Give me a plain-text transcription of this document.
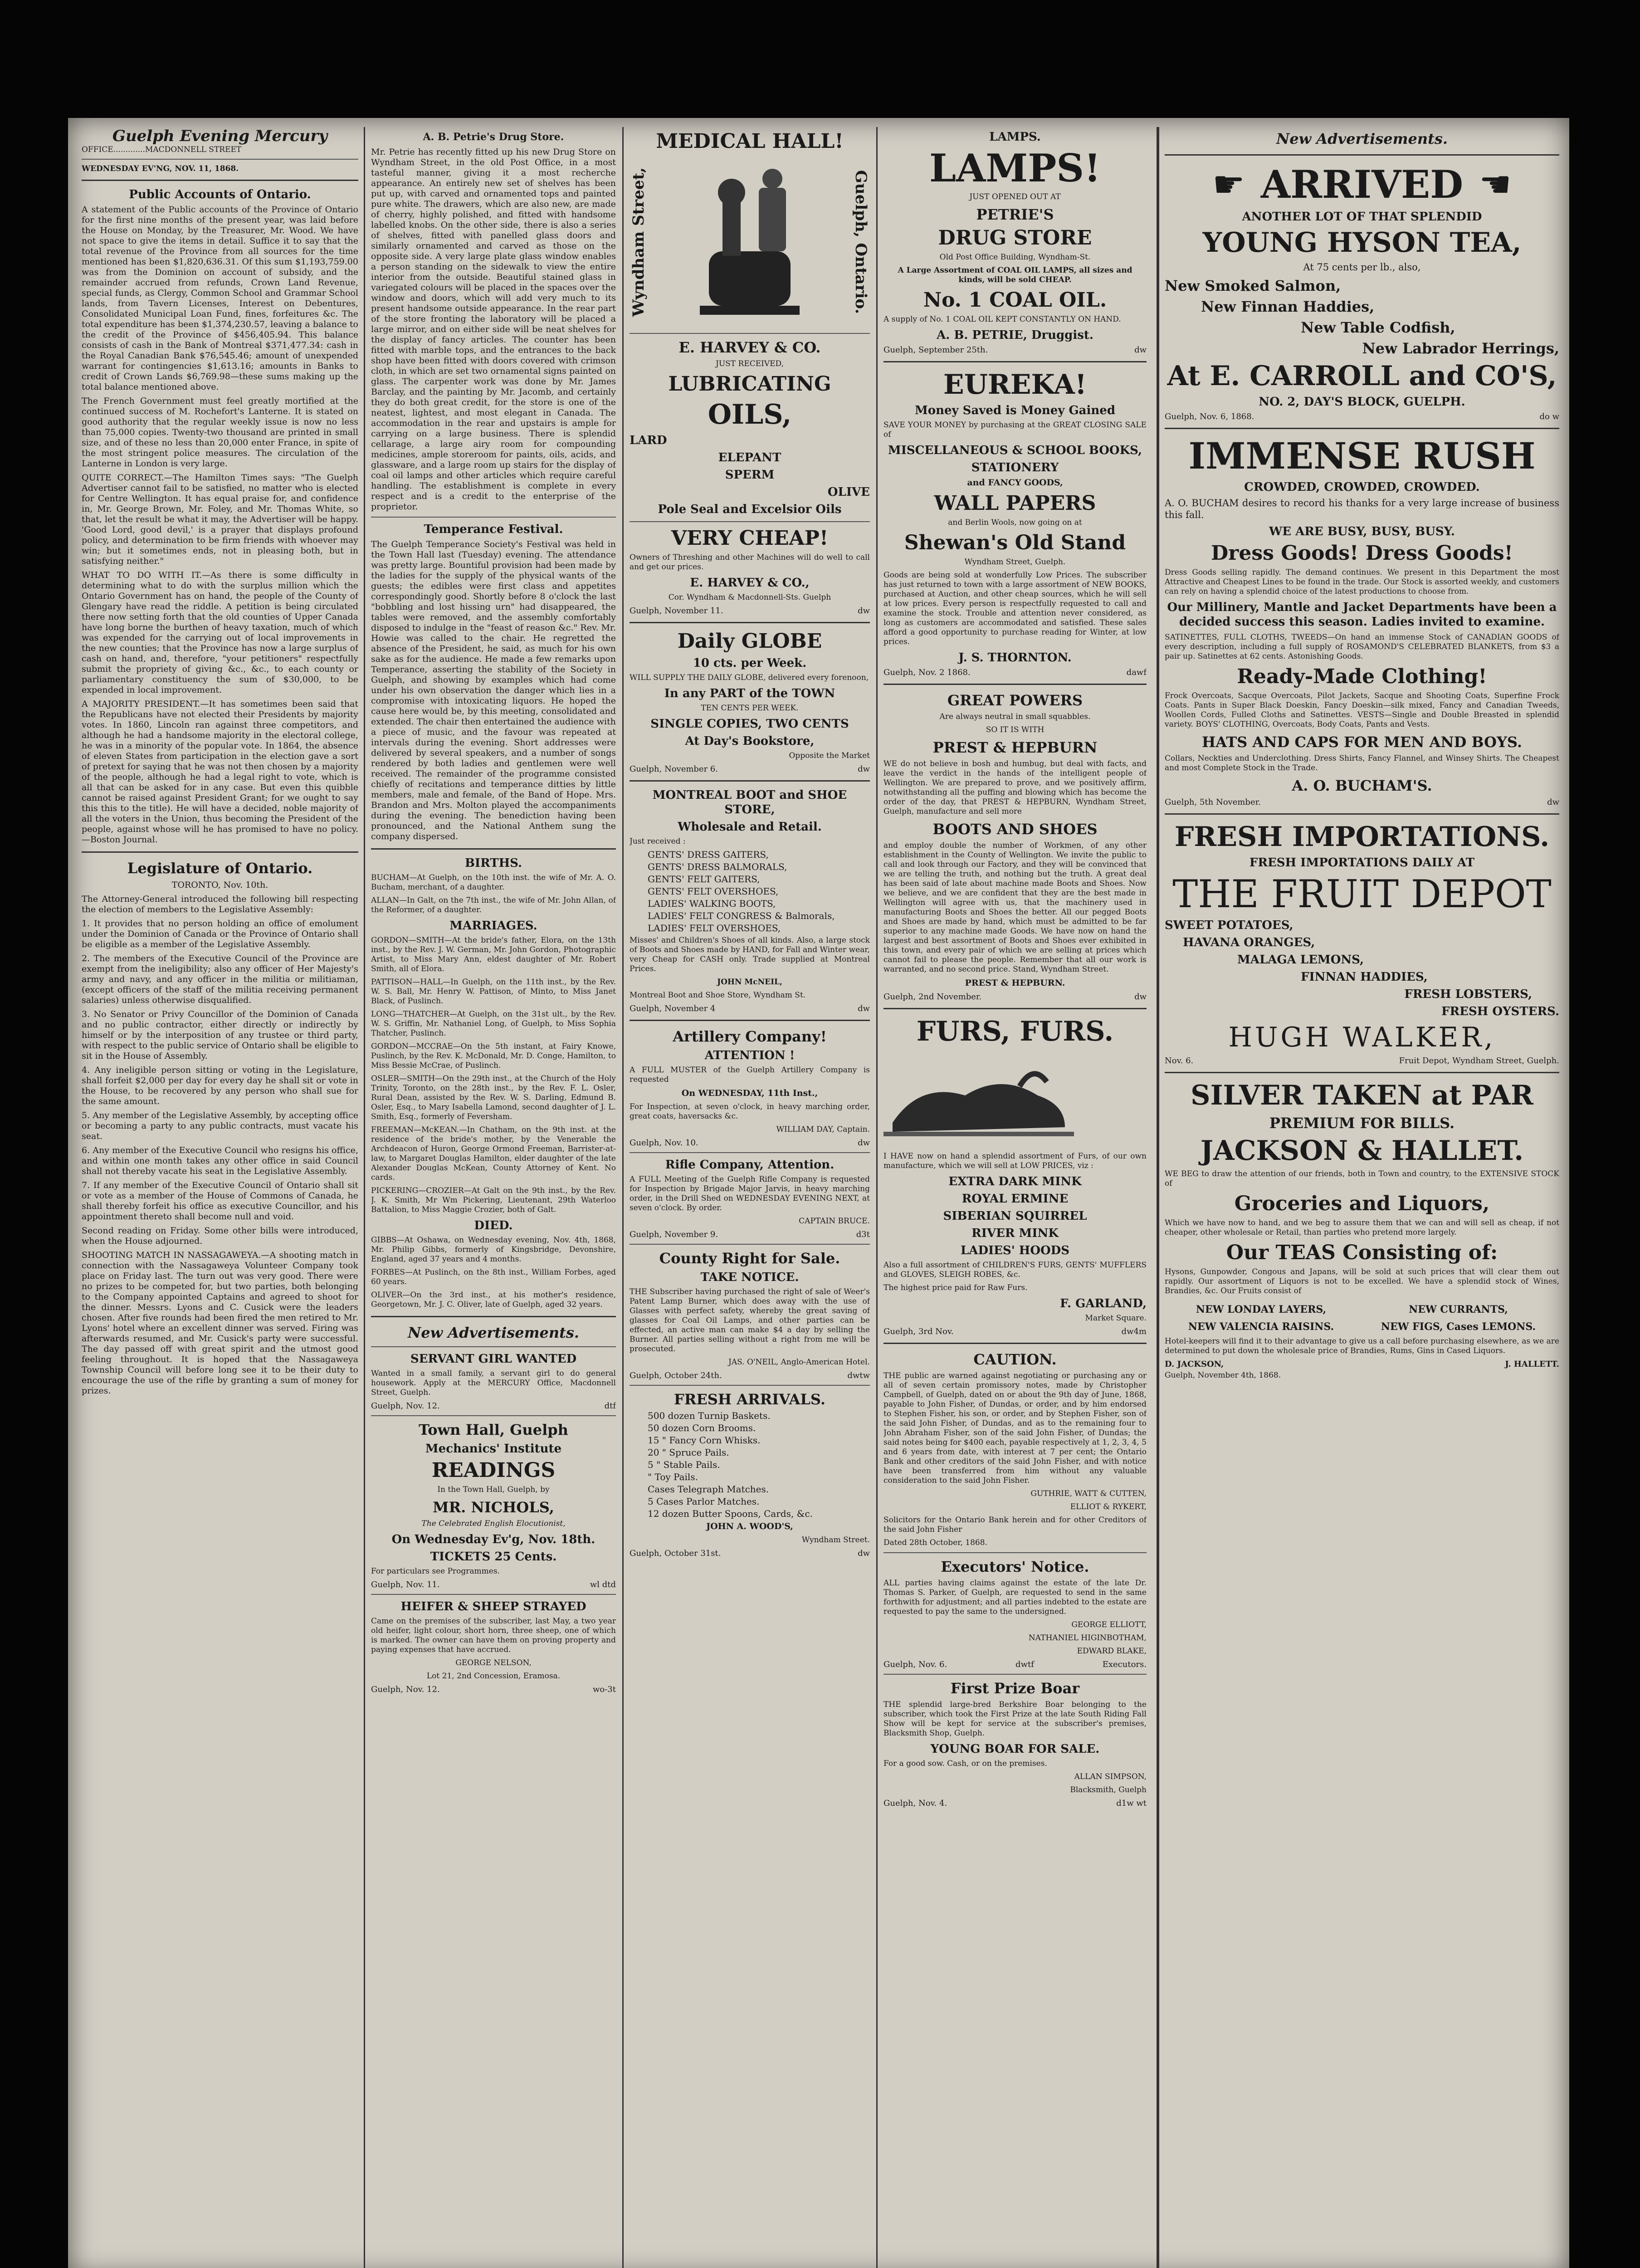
Guelph Evening Mercury
OFFICE.............MACDONNELL STREET
WEDNESDAY EV'NG, NOV. 11, 1868.
Public Accounts of Ontario.

A statement of the Public accounts of the Province of Ontario for the first nine months of the present year, was laid before the House on Monday, by the Treasurer, Mr. Wood. We have not space to give the items in detail. Suffice it to say that the total revenue of the Province from all sources for the time mentioned has been $1,820,636.31. Of this sum $1,193,759.00 was from the Dominion on account of subsidy, and the remainder accrued from refunds, Crown Land Revenue, special funds, as Clergy, Common School and Grammar School lands, from Tavern Licenses, Interest on Debentures, Consolidated Municipal Loan Fund, fines, forfeitures &c. The total expenditure has been $1,374,230.57, leaving a balance to the credit of the Province of $456,405.94. This balance consists of cash in the Bank of Montreal $371,477.34: cash in the Royal Canadian Bank $76,545.46; amount of unexpended warrant for contingencies $1,613.16; amounts in Banks to credit of Crown Lands $6,769.98—these sums making up the total balance mentioned above.

The French Government must feel greatly mortified at the continued success of M. Rochefort's Lanterne. It is stated on good authority that the regular weekly issue is now no less than 75,000 copies. Twenty-two thousand are printed in small size, and of these no less than 20,000 enter France, in spite of the most stringent police measures. The circulation of the Lanterne in London is very large.

QUITE CORRECT.—The Hamilton Times says: "The Guelph Advertiser cannot fail to be satisfied, no matter who is elected for Centre Wellington. It has equal praise for, and confidence in, Mr. George Brown, Mr. Foley, and Mr. Thomas White, so that, let the result be what it may, the Advertiser will be happy. 'Good Lord, good devil,' is a prayer that displays profound policy, and determination to be firm friends with whoever may win; but it sometimes ends, not in pleasing both, but in satisfying neither."

WHAT TO DO WITH IT.—As there is some difficulty in determining what to do with the surplus million which the Ontario Government has on hand, the people of the County of Glengary have read the riddle. A petition is being circulated there now setting forth that the old counties of Upper Canada have long borne the burthen of heavy taxation, much of which was expended for the carrying out of local improvements in the new counties; that the Province has now a large surplus of cash on hand, and, therefore, "your petitioners" respectfully submit the propriety of giving &c., &c., to each county or parliamentary constituency the sum of $30,000, to be expended in local improvement.

A MAJORITY PRESIDENT.—It has sometimes been said that the Republicans have not elected their Presidents by majority votes. In 1860, Lincoln ran against three competitors, and although he had a handsome majority in the electoral college, he was in a minority of the popular vote. In 1864, the absence of eleven States from participation in the election gave a sort of pretext for saying that he was not then chosen by a majority of the people, although he had a legal right to vote, which is all that can be asked for in any case. But even this quibble cannot be raised against President Grant; for we ought to say this this to the title). He will have a decided, noble majority of all the voters in the Union, thus becoming the President of the people, against whose will he has promised to have no policy.—Boston Journal.

Legislature of Ontario.

TORONTO, Nov. 10th.

The Attorney-General introduced the following bill respecting the election of members to the Legislative Assembly:

1. It provides that no person holding an office of emolument under the Dominion of Canada or the Province of Ontario shall be eligible as a member of the Legislative Assembly.

2. The members of the Executive Council of the Province are exempt from the ineligibility; also any officer of Her Majesty's army and navy, and any officer in the militia or militiaman, (except officers of the staff of the militia receiving permanent salaries) unless otherwise disqualified.

3. No Senator or Privy Councillor of the Dominion of Canada and no public contractor, either directly or indirectly by himself or by the interposition of any trustee or third party, with respect to the public service of Ontario shall be eligible to sit in the House of Assembly.

4. Any ineligible person sitting or voting in the Legislature, shall forfeit $2,000 per day for every day he shall sit or vote in the House, to be recovered by any person who shall sue for the same amount.

5. Any member of the Legislative Assembly, by accepting office or becoming a party to any public contracts, must vacate his seat.

6. Any member of the Executive Council who resigns his office, and within one month takes any other office in said Council shall not thereby vacate his seat in the Legislative Assembly.

7. If any member of the Executive Council of Ontario shall sit or vote as a member of the House of Commons of Canada, he shall thereby forfeit his office as executive Councillor, and his appointment thereto shall become null and void.

Second reading on Friday. Some other bills were introduced, when the House adjourned.

SHOOTING MATCH IN NASSAGAWEYA.—A shooting match in connection with the Nassagaweya Volunteer Company took place on Friday last. The turn out was very good. There were no prizes to be competed for, but two parties, both belonging to the Company appointed Captains and agreed to shoot for the dinner. Messrs. Lyons and C. Cusick were the leaders chosen. After five rounds had been fired the men retired to Mr. Lyons' hotel where an excellent dinner was served. Firing was afterwards resumed, and Mr. Cusick's party were successful. The day passed off with great spirit and the utmost good feeling throughout. It is hoped that the Nassagaweya Township Council will before long see it to be their duty to encourage the use of the rifle by granting a sum of money for prizes.

A. B. Petrie's Drug Store.

Mr. Petrie has recently fitted up his new Drug Store on Wyndham Street, in the old Post Office, in a most tasteful manner, giving it a most recherche appearance. An entirely new set of shelves has been put up, with carved and ornamented tops and painted pure white. The drawers, which are also new, are made of cherry, highly polished, and fitted with handsome labelled knobs. On the other side, there is also a series of shelves, fitted with panelled glass doors and similarly ornamented and carved as those on the opposite side. A very large plate glass window enables a person standing on the sidewalk to view the entire interior from the outside. Beautiful stained glass in variegated colours will be placed in the spaces over the window and doors, which will add very much to its present handsome outside appearance. In the rear part of the store fronting the laboratory will be placed a large mirror, and on either side will be neat shelves for the display of fancy articles. The counter has been fitted with marble tops, and the entrances to the back shop have been fitted with doors covered with crimson cloth, in which are set two ornamental signs painted on glass. The carpenter work was done by Mr. James Barclay, and the painting by Mr. Jacomb, and certainly they do both great credit, for the store is one of the neatest, lightest, and most elegant in Canada. The accommodation in the rear and upstairs is ample for carrying on a large business. There is splendid cellarage, a large airy room for compounding medicines, ample storeroom for paints, oils, acids, and glassware, and a large room up stairs for the display of coal oil lamps and other articles which require careful handling. The establishment is complete in every respect and is a credit to the enterprise of the proprietor.

Temperance Festival.

The Guelph Temperance Society's Festival was held in the Town Hall last (Tuesday) evening. The attendance was pretty large. Bountiful provision had been made by the ladies for the supply of the physical wants of the guests; the edibles were first class and appetites correspondingly good. Shortly before 8 o'clock the last "bobbling and lost hissing urn" had disappeared, the tables were removed, and the assembly comfortably disposed to indulge in the "feast of reason &c." Rev. Mr. Howie was called to the chair. He regretted the absence of the President, he said, as much for his own sake as for the audience. He made a few remarks upon Temperance, asserting the stability of the Society in Guelph, and showing by examples which had come under his own observation the danger which lies in a compromise with intoxicating liquors. He hoped the cause here would be, by this meeting, consolidated and extended. The chair then entertained the audience with a piece of music, and the favour was repeated at intervals during the evening. Short addresses were delivered by several speakers, and a number of songs rendered by both ladies and gentlemen were well received. The remainder of the programme consisted chiefly of recitations and temperance ditties by little members, male and female, of the Band of Hope. Mrs. Brandon and Mrs. Molton played the accompaniments during the evening. The benediction having been pronounced, and the National Anthem sung the company dispersed.

BIRTHS.

BUCHAM—At Guelph, on the 10th inst. the wife of Mr. A. O. Bucham, merchant, of a daughter.

ALLAN—In Galt, on the 7th inst., the wife of Mr. John Allan, of the Reformer, of a daughter.

MARRIAGES.

GORDON—SMITH—At the bride's father, Elora, on the 13th inst., by the Rev. J. W. German, Mr. John Gordon, Photographic Artist, to Miss Mary Ann, eldest daughter of Mr. Robert Smith, all of Elora.

PATTISON—HALL—In Guelph, on the 11th inst., by the Rev. W. S. Ball, Mr. Henry W. Pattison, of Minto, to Miss Janet Black, of Puslinch.

LONG—THATCHER—At Guelph, on the 31st ult., by the Rev. W. S. Griffin, Mr. Nathaniel Long, of Guelph, to Miss Sophia Thatcher, Puslinch.

GORDON—MCCRAE—On the 5th instant, at Fairy Knowe, Puslinch, by the Rev. K. McDonald, Mr. D. Conge, Hamilton, to Miss Bessie McCrae, of Puslinch.

OSLER—SMITH—On the 29th inst., at the Church of the Holy Trinity, Toronto, on the 28th inst., by the Rev. F. L. Osler, Rural Dean, assisted by the Rev. W. S. Darling, Edmund B. Osler, Esq., to Mary Isabella Lamond, second daughter of J. L. Smith, Esq., formerly of Feversham.

FREEMAN—McKEAN.—In Chatham, on the 9th inst. at the residence of the bride's mother, by the Venerable the Archdeacon of Huron, George Ormond Freeman, Barrister-at-law, to Margaret Douglas Hamilton, elder daughter of the late Alexander Douglas McKean, County Attorney of Kent. No cards.

PICKERING—CROZIER—At Galt on the 9th inst., by the Rev. J. K. Smith, Mr Wm Pickering, Lieutenant, 29th Waterloo Battalion, to Miss Maggie Crozier, both of Galt.

DIED.

GIBBS—At Oshawa, on Wednesday evening, Nov. 4th, 1868, Mr. Philip Gibbs, formerly of Kingsbridge, Devonshire, England, aged 37 years and 4 months.

FORBES—At Puslinch, on the 8th inst., William Forbes, aged 60 years.

OLIVER—On the 3rd inst., at his mother's residence, Georgetown, Mr. J. C. Oliver, late of Guelph, aged 32 years.

New Advertisements.
SERVANT GIRL WANTED

Wanted in a small family, a servant girl to do general housework. Apply at the MERCURY Office, Macdonnell Street, Guelph.

Guelph, Nov. 12.	dtf
Town Hall, Guelph
Mechanics' Institute
READINGS

In the Town Hall, Guelph, by

MR. NICHOLS,

The Celebrated English Elocutionist,

On Wednesday Ev'g, Nov. 18th.
TICKETS 25 Cents.

For particulars see Programmes.

Guelph, Nov. 11.	wl dtd
HEIFER & SHEEP STRAYED

Came on the premises of the subscriber, last May, a two year old heifer, light colour, short horn, three sheep, one of which is marked. The owner can have them on proving property and paying expenses that have accrued.

GEORGE NELSON,

Lot 21, 2nd Concession, Eramosa.

Guelph, Nov. 12.	wo-3t
MEDICAL HALL!
Wyndham Street,	Guelph, Ontario.
E. HARVEY & CO.

JUST RECEIVED,

LUBRICATING
OILS,
LARD
ELEPANT
SPERM
OLIVE
Pole Seal and Excelsior Oils
VERY CHEAP!

Owners of Threshing and other Machines will do well to call and get our prices.

E. HARVEY & CO.,

Cor. Wyndham & Macdonnell-Sts. Guelph

Guelph, November 11.	dw
Daily GLOBE
10 cts. per Week.

WILL SUPPLY THE DAILY GLOBE, delivered every forenoon,

In any PART of the TOWN

TEN CENTS PER WEEK.

SINGLE COPIES, TWO CENTS
At Day's Bookstore,

Opposite the Market

Guelph, November 6.	dw
MONTREAL BOOT and SHOE STORE,
Wholesale and Retail.

Just received :

GENTS' DRESS GAITERS,

GENTS' DRESS BALMORALS,

GENTS' FELT GAITERS,

GENTS' FELT OVERSHOES,

LADIES' WALKING BOOTS,

LADIES' FELT CONGRESS & Balmorals,

LADIES' FELT OVERSHOES,

Misses' and Children's Shoes of all kinds. Also, a large stock of Boots and Shoes made by HAND, for Fall and Winter wear, very Cheap for CASH only. Trade supplied at Montreal Prices.

JOHN McNEIL,

Montreal Boot and Shoe Store, Wyndham St.

Guelph, November 4	dw
Artillery Company!
ATTENTION !

A FULL MUSTER of the Guelph Artillery Company is requested

On WEDNESDAY, 11th Inst.,

For Inspection, at seven o'clock, in heavy marching order, great coats, haversacks &c.

WILLIAM DAY, Captain.

Guelph, Nov. 10.	dw
Rifle Company, Attention.

A FULL Meeting of the Guelph Rifle Company is requested for Inspection by Brigade Major Jarvis, in heavy marching order, in the Drill Shed on WEDNESDAY EVENING NEXT, at seven o'clock. By order.

CAPTAIN BRUCE.

Guelph, November 9.	d3t
County Right for Sale.
TAKE NOTICE.

THE Subscriber having purchased the right of sale of Weer's Patent Lamp Burner, which does away with the use of Glasses with perfect safety, whereby the great saving of glasses for Coal Oil Lamps, and other parties can be effected, an active man can make $4 a day by selling the Burner. All parties selling without a right from me will be prosecuted.

JAS. O'NEIL, Anglo-American Hotel.

Guelph, October 24th.	dwtw
FRESH ARRIVALS.

500 dozen Turnip Baskets.

50 dozen Corn Brooms.

15 " Fancy Corn Whisks.

20 " Spruce Pails.

5 " Stable Pails.

" Toy Pails.

Cases Telegraph Matches.

5 Cases Parlor Matches.

12 dozen Butter Spoons, Cards, &c.

JOHN A. WOOD'S,

Wyndham Street.

Guelph, October 31st.	dw
LAMPS.
LAMPS!

JUST OPENED OUT AT

PETRIE'S
DRUG STORE

Old Post Office Building, Wyndham-St.

A Large Assortment of COAL OIL LAMPS, all sizes and kinds, will be sold CHEAP.

No. 1 COAL OIL.

A supply of No. 1 COAL OIL KEPT CONSTANTLY ON HAND.

A. B. PETRIE, Druggist.
Guelph, September 25th.	dw
EUREKA!
Money Saved is Money Gained

SAVE YOUR MONEY by purchasing at the GREAT CLOSING SALE of

MISCELLANEOUS & SCHOOL BOOKS,
STATIONERY

and FANCY GOODS,

WALL PAPERS

and Berlin Wools, now going on at

Shewan's Old Stand

Wyndham Street, Guelph.

Goods are being sold at wonderfully Low Prices. The subscriber has just returned to town with a large assortment of NEW BOOKS, purchased at Auction, and other cheap sources, which he will sell at low prices. Every person is respectfully requested to call and examine the stock. Trouble and attention never considered, as long as customers are accommodated and satisfied. These sales afford a good opportunity to purchase reading for Winter, at low prices.

J. S. THORNTON.
Guelph, Nov. 2 1868.	dawf
GREAT POWERS

Are always neutral in small squabbles.

SO IT IS WITH

PREST & HEPBURN

WE do not believe in bosh and humbug, but deal with facts, and leave the verdict in the hands of the intelligent people of Wellington. We are prepared to prove, and we positively affirm, notwithstanding all the puffing and blowing which has become the order of the day, that PREST & HEPBURN, Wyndham Street, Guelph, manufacture and sell more

BOOTS AND SHOES

and employ double the number of Workmen, of any other establishment in the County of Wellington. We invite the public to call and look through our Factory, and they will be convinced that we are telling the truth, and nothing but the truth. A great deal has been said of late about machine made Boots and Shoes. Now we believe, and we are confident that they are the best made in Wellington will agree with us, that the machinery used in manufacturing Boots and Shoes the better. All our pegged Boots and Shoes are made by hand, which must be admitted to be far superior to any machine made Goods. We have now on hand the largest and best assortment of Boots and Shoes ever exhibited in this town, and every pair of which we are selling at prices which cannot fail to please the people. Remember that all our work is warranted, and no second price. Stand, Wyndham Street.

PREST & HEPBURN.

Guelph, 2nd November.	dw
FURS, FURS.

I HAVE now on hand a splendid assortment of Furs, of our own manufacture, which we will sell at LOW PRICES, viz :

EXTRA DARK MINK
ROYAL ERMINE
SIBERIAN SQUIRREL
RIVER MINK
LADIES' HOODS

Also a full assortment of CHILDREN'S FURS, GENTS' MUFFLERS and GLOVES, SLEIGH ROBES, &c.

The highest price paid for Raw Furs.

F. GARLAND,

Market Square.

Guelph, 3rd Nov.	dw4m
CAUTION.

THE public are warned against negotiating or purchasing any or all of seven certain promissory notes, made by Christopher Campbell, of Guelph, dated on or about the 9th day of June, 1868, payable to John Fisher, of Dundas, or order, and by him endorsed to Stephen Fisher, his son, or order, and by Stephen Fisher, son of the said John Fisher, of Dundas, and as to the remaining four to John Abraham Fisher, son of the said John Fisher, of Dundas; the said notes being for $400 each, payable respectively at 1, 2, 3, 4, 5 and 6 years from date, with interest at 7 per cent; the Ontario Bank and other creditors of the said John Fisher, and with notice have been transferred from him without any valuable consideration to the said John Fisher.

GUTHRIE, WATT & CUTTEN,

ELLIOT & RYKERT,

Solicitors for the Ontario Bank herein and for other Creditors of the said John Fisher

Dated 28th October, 1868.

Executors' Notice.

ALL parties having claims against the estate of the late Dr. Thomas S. Parker, of Guelph, are requested to send in the same forthwith for adjustment; and all parties indebted to the estate are requested to pay the same to the undersigned.

GEORGE ELLIOTT,

NATHANIEL HIGINBOTHAM,

EDWARD BLAKE,

Guelph, Nov. 6.	dwtf	Executors.
First Prize Boar

THE splendid large-bred Berkshire Boar belonging to the subscriber, which took the First Prize at the late South Riding Fall Show will be kept for service at the subscriber's premises, Blacksmith Shop, Guelph.

YOUNG BOAR FOR SALE.

For a good sow. Cash, or on the premises.

ALLAN SIMPSON,

Blacksmith, Guelph

Guelph, Nov. 4.	d1w wt
New Advertisements.
☛ ARRIVED ☚
ANOTHER LOT OF THAT SPLENDID
YOUNG HYSON TEA,

At 75 cents per lb., also,

New Smoked Salmon,
New Finnan Haddies,
New Table Codfish,
New Labrador Herrings,
At E. CARROLL and CO'S,
NO. 2, DAY'S BLOCK, GUELPH.
Guelph, Nov. 6, 1868.	do w
IMMENSE RUSH
CROWDED, CROWDED, CROWDED.

A. O. BUCHAM desires to record his thanks for a very large increase of business this fall.

WE ARE BUSY, BUSY, BUSY.
Dress Goods! Dress Goods!

Dress Goods selling rapidly. The demand continues. We present in this Department the most Attractive and Cheapest Lines to be found in the trade. Our Stock is assorted weekly, and customers can rely on having a splendid choice of the latest productions to choose from.

Our Millinery, Mantle and Jacket Departments have been a decided success this season. Ladies invited to examine.

SATINETTES, FULL CLOTHS, TWEEDS—On hand an immense Stock of CANADIAN GOODS of every description, including a full supply of ROSAMOND'S CELEBRATED BLANKETS, from $3 a pair up. Satinettes at 62 cents. Astonishing Goods.

Ready-Made Clothing!

Frock Overcoats, Sacque Overcoats, Pilot Jackets, Sacque and Shooting Coats, Superfine Frock Coats. Pants in Super Black Doeskin, Fancy Doeskin—silk mixed, Fancy and Canadian Tweeds, Woollen Cords, Fulled Cloths and Satinettes. VESTS—Single and Double Breasted in splendid variety. BOYS' CLOTHING, Overcoats, Body Coats, Pants and Vests.

HATS AND CAPS FOR MEN AND BOYS.

Collars, Neckties and Underclothing. Dress Shirts, Fancy Flannel, and Winsey Shirts. The Cheapest and most Complete Stock in the Trade.

A. O. BUCHAM'S.
Guelph, 5th November.	dw
FRESH IMPORTATIONS.
FRESH IMPORTATIONS DAILY AT
THE FRUIT DEPOT
SWEET POTATOES,
HAVANA ORANGES,
MALAGA LEMONS,
FINNAN HADDIES,
FRESH LOBSTERS,
FRESH OYSTERS.
HUGH WALKER,
Nov. 6.	Fruit Depot, Wyndham Street, Guelph.
SILVER TAKEN at PAR
PREMIUM FOR BILLS.
JACKSON & HALLET.

WE BEG to draw the attention of our friends, both in Town and country, to the EXTENSIVE STOCK of

Groceries and Liquors,

Which we have now to hand, and we beg to assure them that we can and will sell as cheap, if not cheaper, other wholesale or Retail, than parties who pretend more largely.

Our TEAS Consisting of:

Hysons, Gunpowder, Congous and Japans, will be sold at such prices that will clear them out rapidly. Our assortment of Liquors is not to be excelled. We have a splendid stock of Wines, Brandies, &c. Our Fruits consist of

NEW LONDAY LAYERS,
NEW VALENCIA RAISINS.
NEW CURRANTS,
NEW FIGS, Cases LEMONS.

Hotel-keepers will find it to their advantage to give us a call before purchasing elsewhere, as we are determined to put down the wholesale price of Brandies, Rums, Gins in Cased Liquors.

D. JACKSON,	J. HALLETT.

Guelph, November 4th, 1868.
